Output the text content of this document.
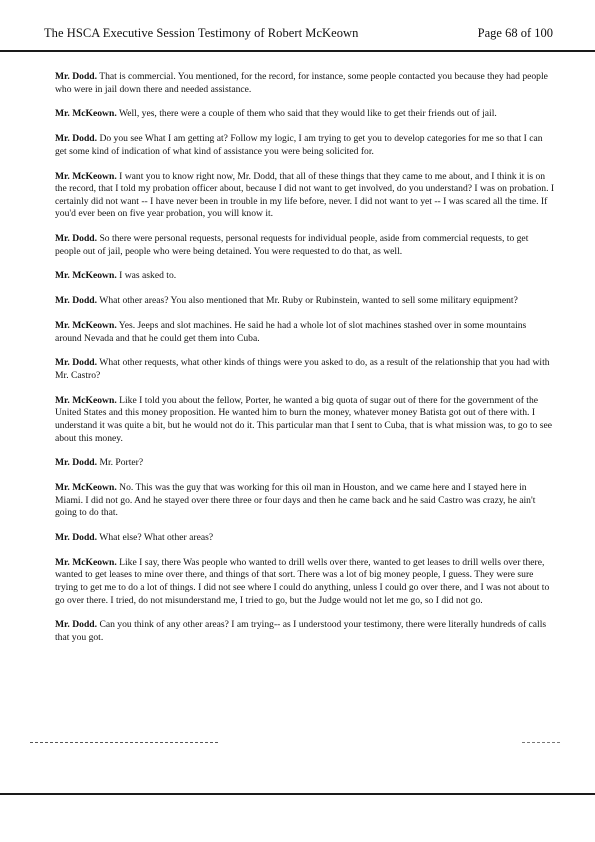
The HSCA Executive Session Testimony of Robert McKeown	Page 68 of 100

Mr. Dodd. That is commercial. You mentioned, for the record, for instance, some people contacted you because they had people who were in jail down there and needed assistance.

Mr. McKeown. Well, yes, there were a couple of them who said that they would like to get their friends out of jail.

Mr. Dodd. Do you see What I am getting at? Follow my logic, I am trying to get you to develop categories for me so that I can get some kind of indication of what kind of assistance you were being solicited for.

Mr. McKeown. I want you to know right now, Mr. Dodd, that all of these things that they came to me about, and I think it is on the record, that I told my probation officer about, because I did not want to get involved, do you understand? I was on probation. I certainly did not want -- I have never been in trouble in my life before, never. I did not want to yet -- I was scared all the time. If you'd ever been on five year probation, you will know it.

Mr. Dodd. So there were personal requests, personal requests for individual people, aside from commercial requests, to get people out of jail, people who were being detained. You were requested to do that, as well.

Mr. McKeown. I was asked to.

Mr. Dodd. What other areas? You also mentioned that Mr. Ruby or Rubinstein, wanted to sell some military equipment?

Mr. McKeown. Yes. Jeeps and slot machines. He said he had a whole lot of slot machines stashed over in some mountains around Nevada and that he could get them into Cuba.

Mr. Dodd. What other requests, what other kinds of things were you asked to do, as a result of the relationship that you had with Mr. Castro?

Mr. McKeown. Like I told you about the fellow, Porter, he wanted a big quota of sugar out of there for the government of the United States and this money proposition. He wanted him to burn the money, whatever money Batista got out of there with. I understand it was quite a bit, but he would not do it. This particular man that I sent to Cuba, that is what mission was, to go to see about this money.

Mr. Dodd. Mr. Porter?

Mr. McKeown. No. This was the guy that was working for this oil man in Houston, and we came here and I stayed here in Miami. I did not go. And he stayed over there three or four days and then he came back and he said Castro was crazy, he ain't going to do that.

Mr. Dodd. What else? What other areas?

Mr. McKeown. Like I say, there Was people who wanted to drill wells over there, wanted to get leases to drill wells over there, wanted to get leases to mine over there, and things of that sort. There was a lot of big money people, I guess. They were sure trying to get me to do a lot of things. I did not see where I could do anything, unless I could go over there, and I was not about to go over there. I tried, do not misunderstand me, I tried to go, but the Judge would not let me go, so I did not go.

Mr. Dodd. Can you think of any other areas? I am trying-- as I understood your testimony, there were literally hundreds of calls that you got.
